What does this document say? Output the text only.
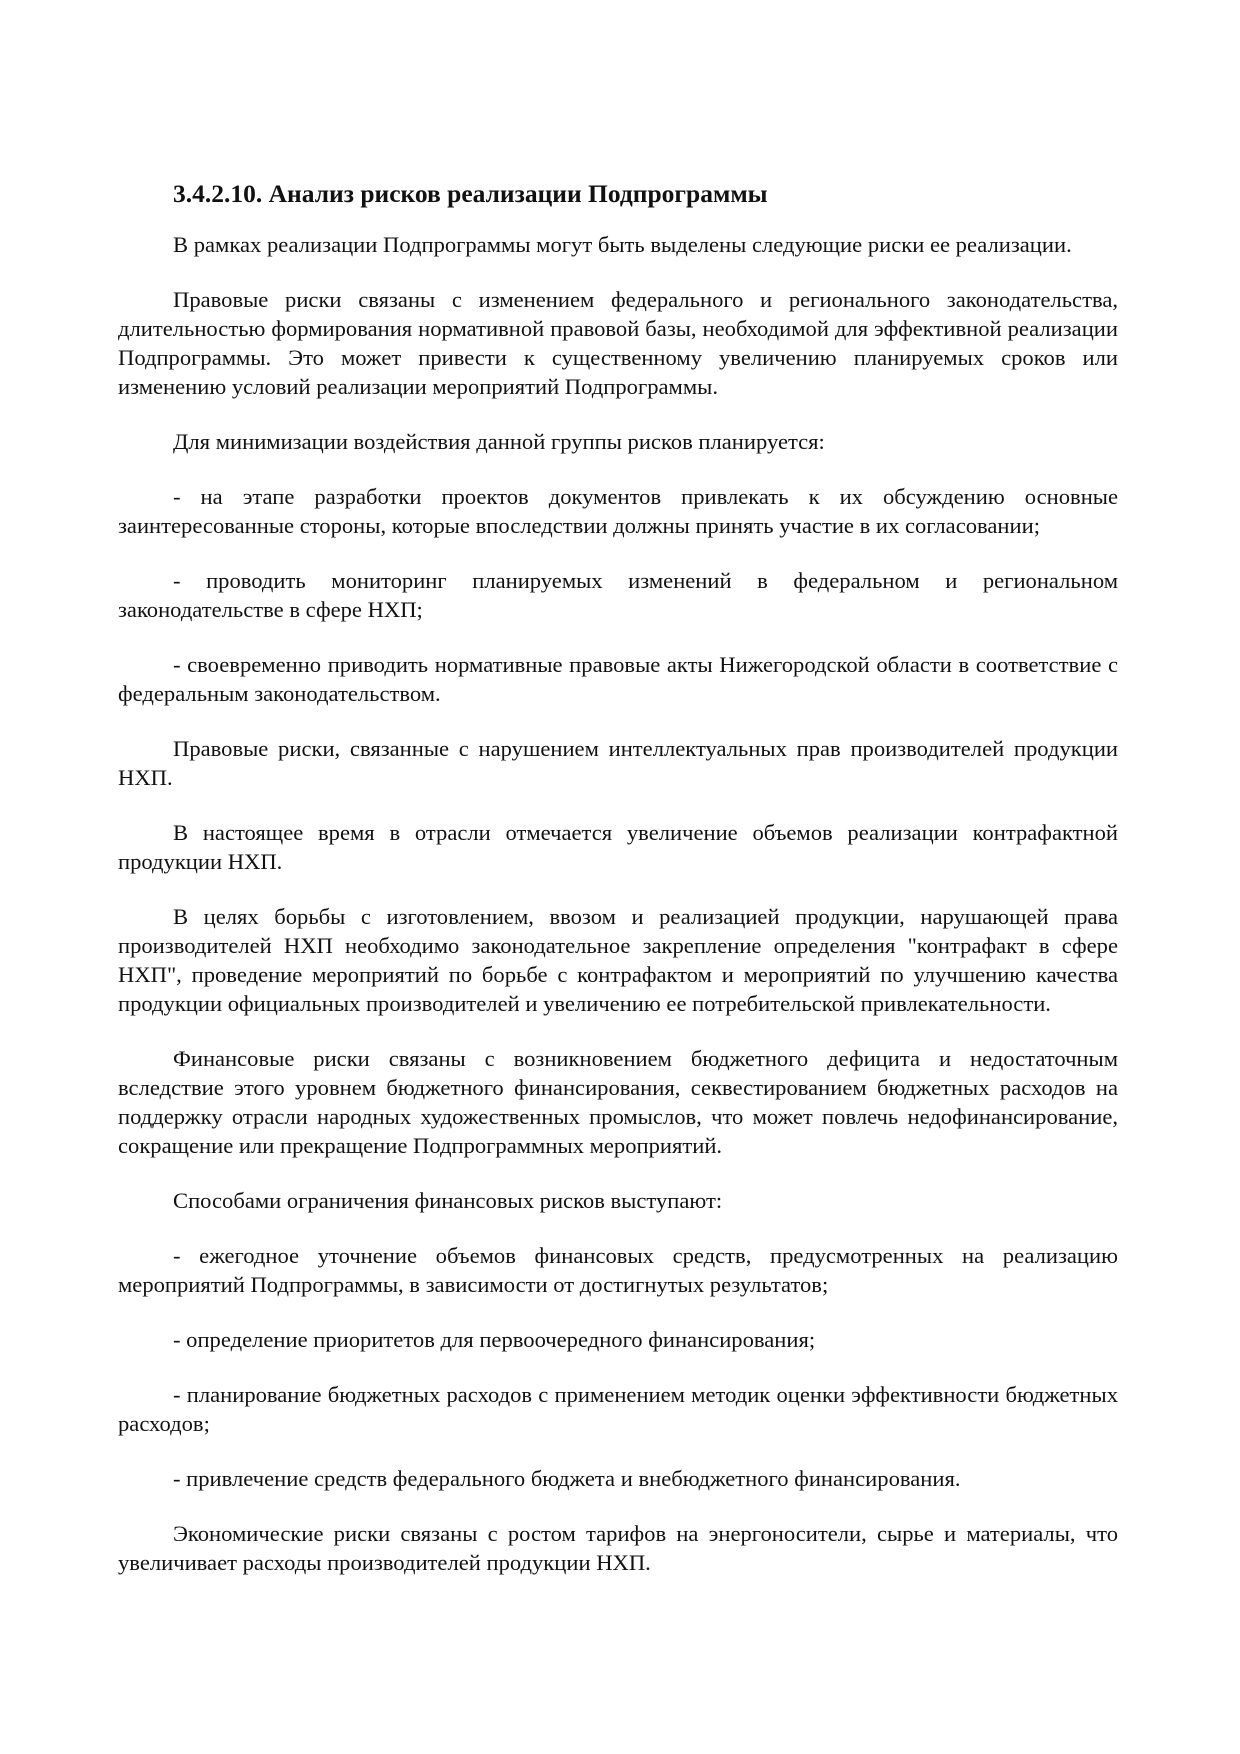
3.4.2.10. Анализ рисков реализации Подпрограммы

В рамках реализации Подпрограммы могут быть выделены следующие риски ее реализации.

Правовые риски связаны с изменением федерального и регионального законодательства, длительностью формирования нормативной правовой базы, необходимой для эффективной реализации Подпрограммы. Это может привести к существенному увеличению планируемых сроков или изменению условий реализации мероприятий Подпрограммы.

Для минимизации воздействия данной группы рисков планируется:

- на этапе разработки проектов документов привлекать к их обсуждению основные заинтересованные стороны, которые впоследствии должны принять участие в их согласовании;

- проводить мониторинг планируемых изменений в федеральном и региональном законодательстве в сфере НХП;

- своевременно приводить нормативные правовые акты Нижегородской области в соответствие с федеральным законодательством.

Правовые риски, связанные с нарушением интеллектуальных прав производителей продукции НХП.

В настоящее время в отрасли отмечается увеличение объемов реализации контрафактной продукции НХП.

В целях борьбы с изготовлением, ввозом и реализацией продукции, нарушающей права производителей НХП необходимо законодательное закрепление определения "контрафакт в сфере НХП", проведение мероприятий по борьбе с контрафактом и мероприятий по улучшению качества продукции официальных производителей и увеличению ее потребительской привлекательности.

Финансовые риски связаны с возникновением бюджетного дефицита и недостаточным вследствие этого уровнем бюджетного финансирования, секвестированием бюджетных расходов на поддержку отрасли народных художественных промыслов, что может повлечь недофинансирование, сокращение или прекращение Подпрограммных мероприятий.

Способами ограничения финансовых рисков выступают:

- ежегодное уточнение объемов финансовых средств, предусмотренных на реализацию мероприятий Подпрограммы, в зависимости от достигнутых результатов;

- определение приоритетов для первоочередного финансирования;

- планирование бюджетных расходов с применением методик оценки эффективности бюджетных расходов;

- привлечение средств федерального бюджета и внебюджетного финансирования.

Экономические риски связаны с ростом тарифов на энергоносители, сырье и материалы, что увеличивает расходы производителей продукции НХП.
